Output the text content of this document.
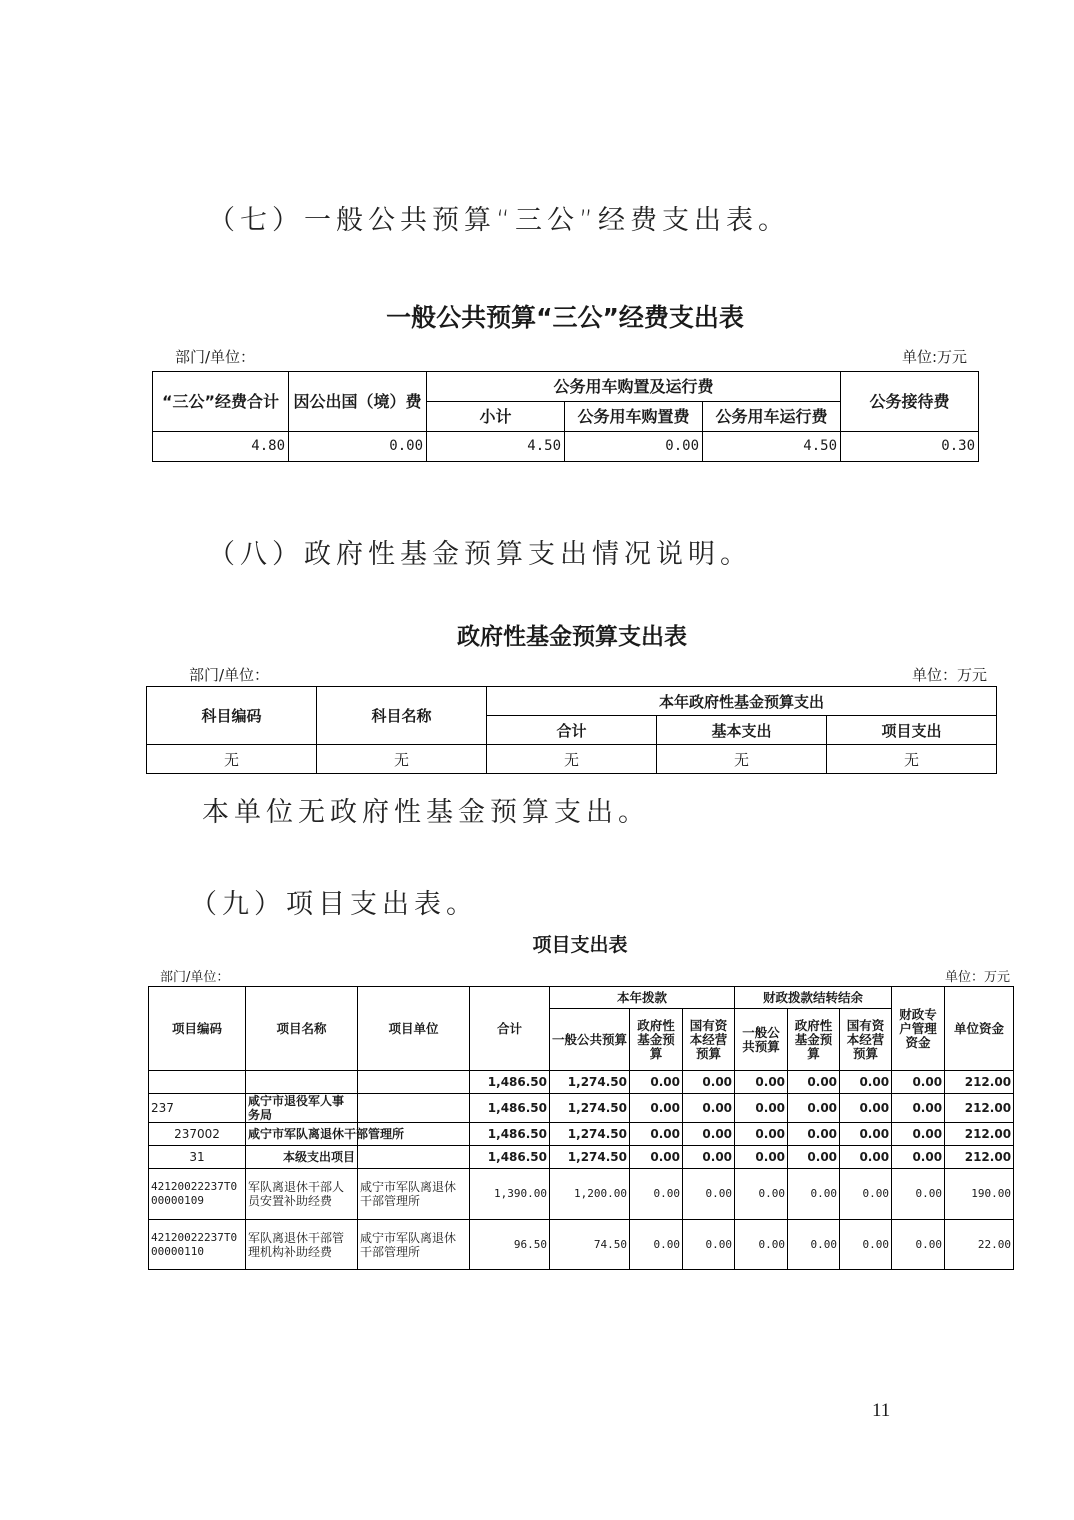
（七）一般公共预算“三公”经费支出表。
一般公共预算“三公”经费支出表
部门/单位：	单位:万元
“三公”经费合计	因公出国（境）费	公务用车购置及运行费			公务接待费
		小计	公务用车购置费	公务用车运行费	
4.80	0.00	4.50	0.00	4.50	0.30
（八）政府性基金预算支出情况说明。
政府性基金预算支出表
部门/单位：	单位：万元
科目编码	科目名称	本年政府性基金预算支出		
		合计	基本支出	项目支出
无	无	无	无	无
本单位无政府性基金预算支出。
（九）项目支出表。
项目支出表
部门/单位：	单位：万元
项目编码	项目名称	项目单位	合计	本年拨款			财政拨款结转结余			财政专户管理资金	单位资金
				一般公共预算	政府性基金预算	国有资本经营预算	一般公共预算	政府性基金预算	国有资本经营预算		
			1,486.50	1,274.50	0.00	0.00	0.00	0.00	0.00	0.00	212.00
237	咸宁市退役军人事务局		1,486.50	1,274.50	0.00	0.00	0.00	0.00	0.00	0.00	212.00
237002	咸宁市军队离退休干部管理所		1,486.50	1,274.50	0.00	0.00	0.00	0.00	0.00	0.00	212.00
31	本级支出项目		1,486.50	1,274.50	0.00	0.00	0.00	0.00	0.00	0.00	212.00
42120022237T000000109	军队离退休干部人员安置补助经费	咸宁市军队离退休干部管理所	1,390.00	1,200.00	0.00	0.00	0.00	0.00	0.00	0.00	190.00
42120022237T000000110	军队离退休干部管理机构补助经费	咸宁市军队离退休干部管理所	96.50	74.50	0.00	0.00	0.00	0.00	0.00	0.00	22.00
11
